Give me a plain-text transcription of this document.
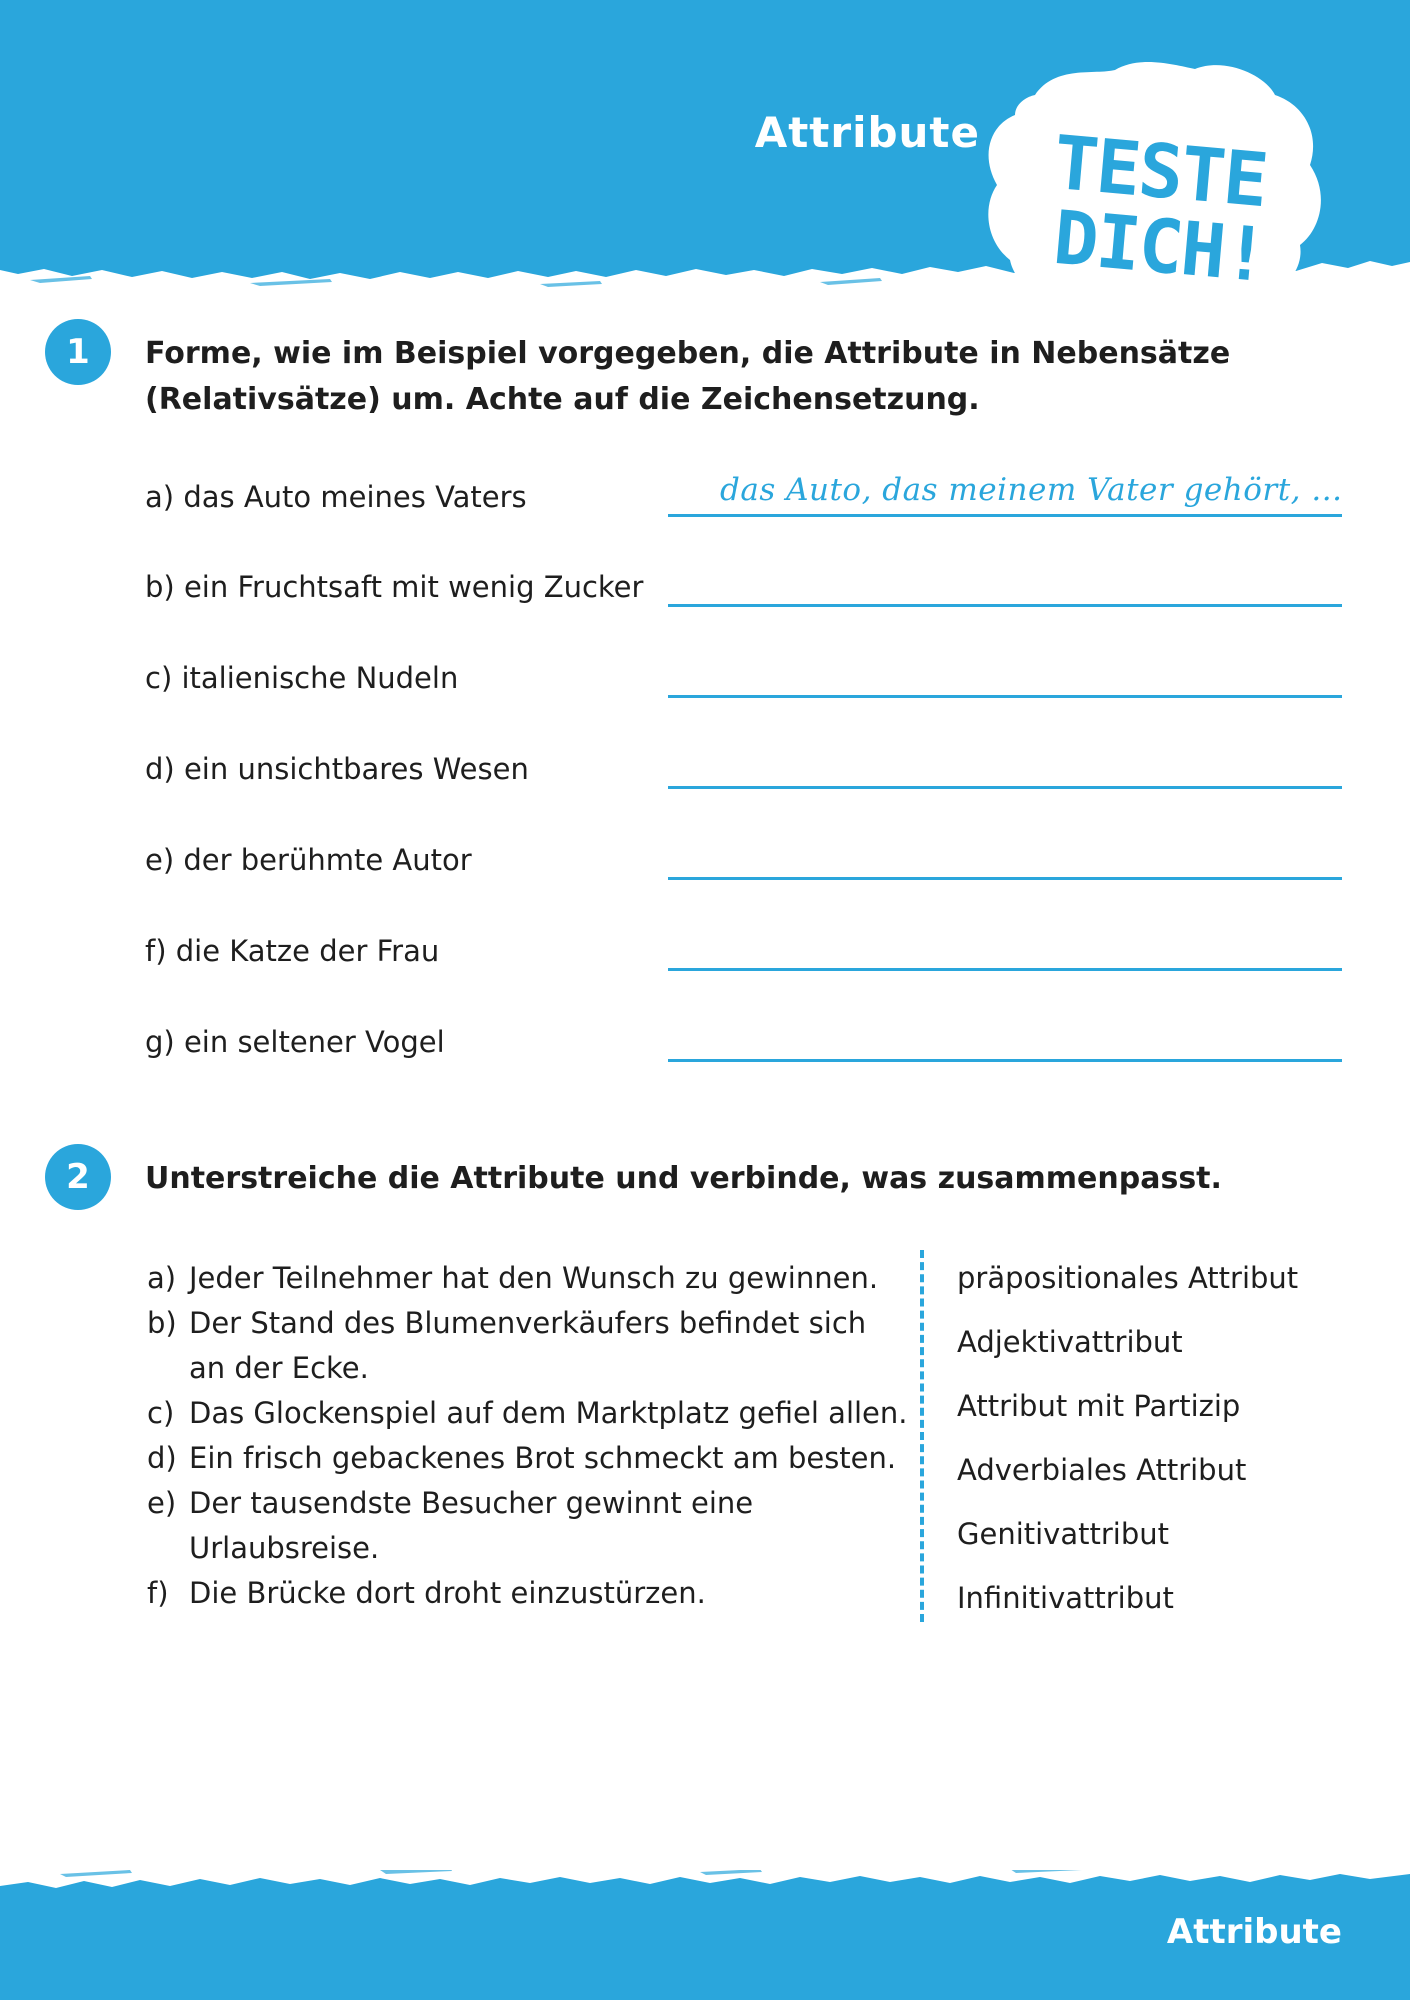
Attribute TESTE
DICH!
1	Forme, wie im Beispiel vorgegeben, die Attribute in Nebensätze (Relativsätze) um. Achte auf die Zeichensetzung.
a) das Auto meines Vaters	das Auto, das meinem Vater gehört, ...
b) ein Fruchtsaft mit wenig Zucker
c) italienische Nudeln
d) ein unsichtbares Wesen
e) der berühmte Autor
f) die Katze der Frau
g) ein seltener Vogel
2	Unterstreiche die Attribute und verbinde, was zusammenpasst.
a) Jeder Teilnehmer hat den Wunsch zu gewinnen.
b) Der Stand des Blumenverkäufers befindet sich
an der Ecke.
c) Das Glockenspiel auf dem Marktplatz gefiel allen.
d) Ein frisch gebackenes Brot schmeckt am besten.
e) Der tausendste Besucher gewinnt eine
Urlaubsreise.
f) Die Brücke dort droht einzustürzen.
präpositionales Attribut
Adjektivattribut
Attribut mit Partizip
Adverbiales Attribut
Genitivattribut
Infinitivattribut
Attribute
